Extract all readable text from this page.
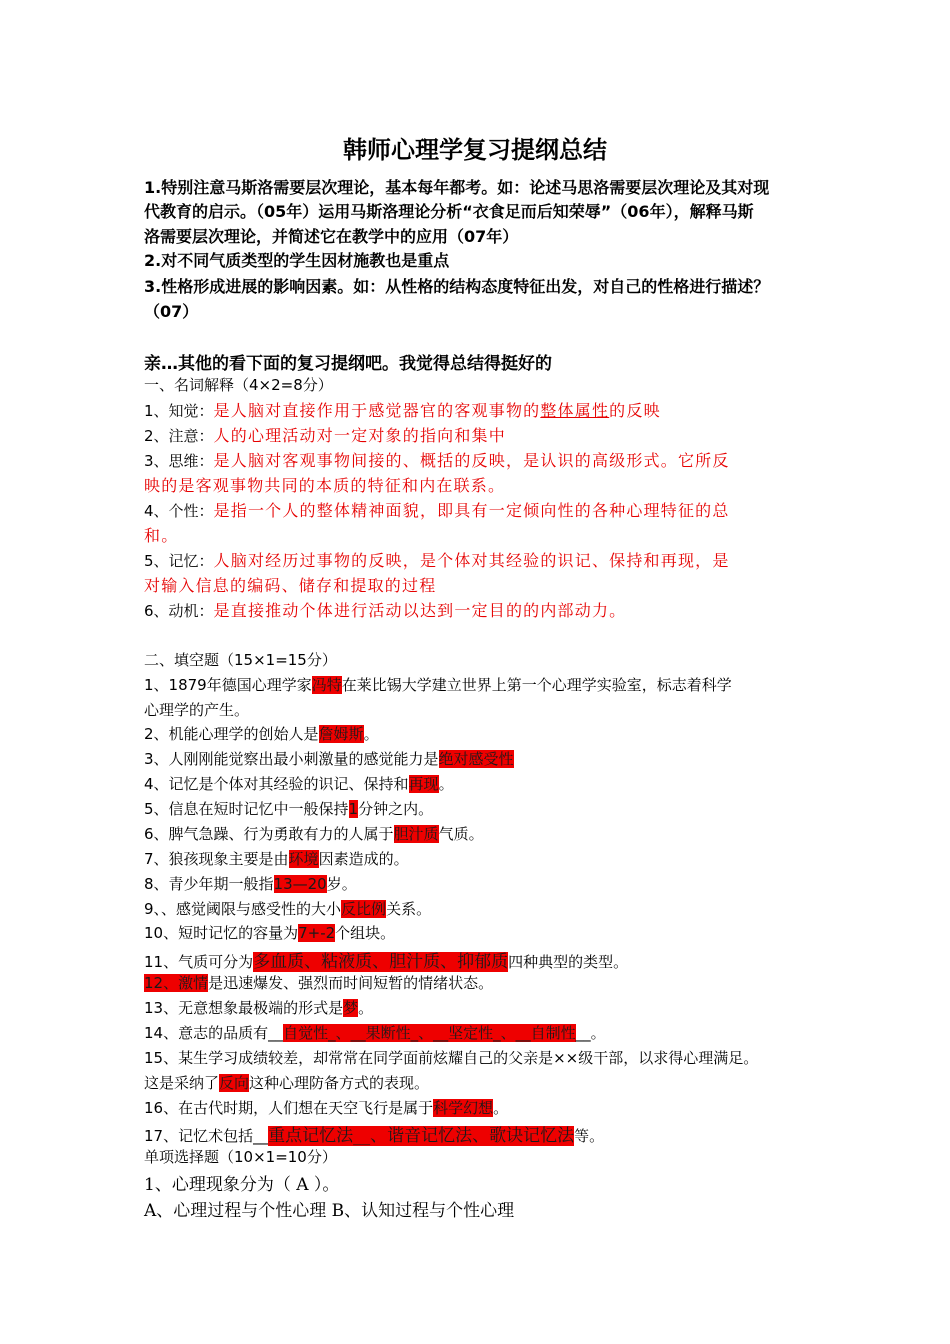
韩师心理学复习提纲总结
1.特别注意马斯洛需要层次理论，基本每年都考。如：论述马思洛需要层次理论及其对现
代教育的启示。（05年）运用马斯洛理论分析“衣食足而后知荣辱”（06年），解释马斯
洛需要层次理论，并简述它在教学中的应用（07年）
2.对不同气质类型的学生因材施教也是重点
3.性格形成进展的影响因素。如：从性格的结构态度特征出发，对自己的性格进行描述？
（07）
亲…其他的看下面的复习提纲吧。我觉得总结得挺好的
一、名词解释（4×2=8分）
1、知觉：是人脑对直接作用于感觉器官的客观事物的整体属性的反映
2、注意：人的心理活动对一定对象的指向和集中
3、思维：是人脑对客观事物间接的、概括的反映，是认识的高级形式。它所反
映的是客观事物共同的本质的特征和内在联系。
4、个性：是指一个人的整体精神面貌，即具有一定倾向性的各种心理特征的总
和。
5、记忆：人脑对经历过事物的反映，是个体对其经验的识记、保持和再现，是
对输入信息的编码、储存和提取的过程
6、动机：是直接推动个体进行活动以达到一定目的的内部动力。
二、填空题（15×1=15分）
1、1879年德国心理学家冯特在莱比锡大学建立世界上第一个心理学实验室，标志着科学
心理学的产生。
2、机能心理学的创始人是詹姆斯。
3、人刚刚能觉察出最小刺激量的感觉能力是绝对感受性
4、记忆是个体对其经验的识记、保持和再现。
5、信息在短时记忆中一般保持1分钟之内。
6、脾气急躁、行为勇敢有力的人属于胆汁质气质。
7、狼孩现象主要是由环境因素造成的。
8、青少年期一般指13—20岁。
9、、感觉阈限与感受性的大小反比例关系。
10、短时记忆的容量为7+-2个组块。
11、气质可分为多血质、粘液质、胆汁质、抑郁质四种典型的类型。
12、激情是迅速爆发、强烈而时间短暂的情绪状态。
13、无意想象最极端的形式是梦。
14、意志的品质有__自觉性_、__果断性_、__坚定性_、__自制性__。
15、某生学习成绩较差，却常常在同学面前炫耀自己的父亲是××级干部，以求得心理满足。
这是采纳了反向这种心理防备方式的表现。
16、在古代时期，人们想在天空飞行是属于科学幻想。
17、记忆术包括__重点记忆法__、谐音记忆法、歌诀记忆法等。
单项选择题（10×1=10分）
1、心理现象分为（ A ）。
A、心理过程与个性心理 B、认知过程与个性心理
